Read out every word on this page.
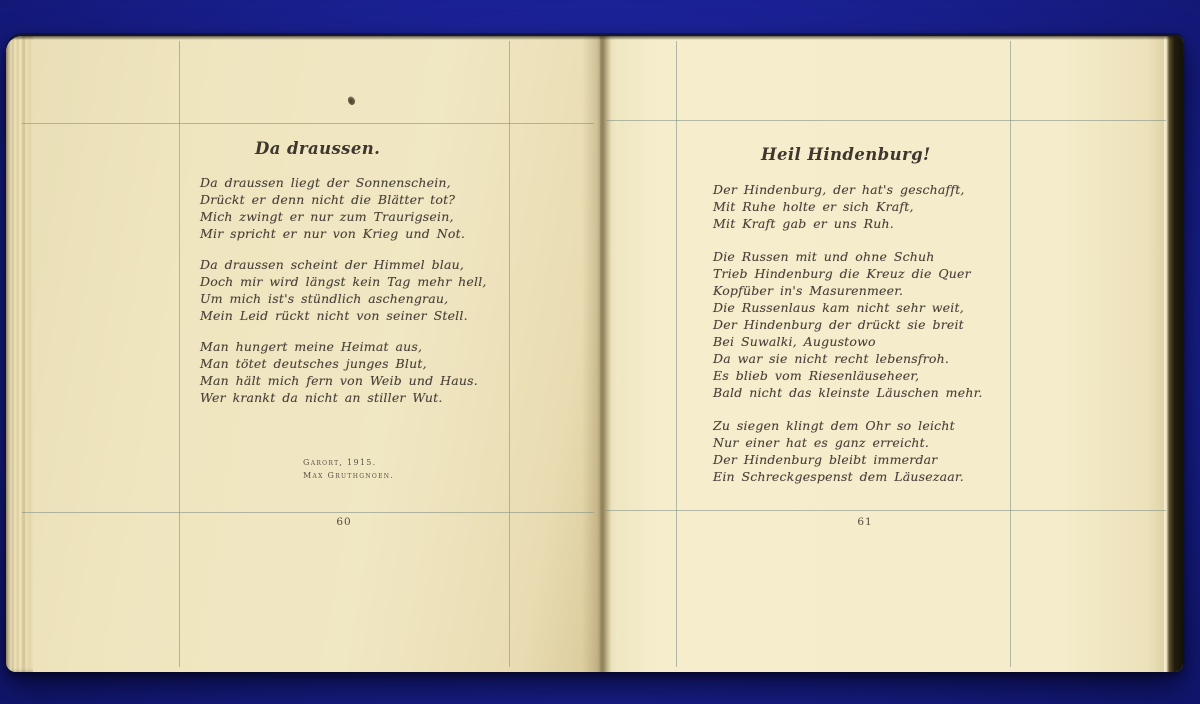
Da draussen.
Da draussen liegt der Sonnenschein,
Drückt er denn nicht die Blätter tot?
Mich zwingt er nur zum Traurigsein,
Mir spricht er nur von Krieg und Not.
Da draussen scheint der Himmel blau,
Doch mir wird längst kein Tag mehr hell,
Um mich ist's stündlich aschengrau,
Mein Leid rückt nicht von seiner Stell.
Man hungert meine Heimat aus,
Man tötet deutsches junges Blut,
Man hält mich fern von Weib und Haus.
Wer krankt da nicht an stiller Wut.
Garort, 1915.
Max Gruthgnoen.
60
Heil Hindenburg!
Der Hindenburg, der hat's geschafft,
Mit Ruhe holte er sich Kraft,
Mit Kraft gab er uns Ruh.
Die Russen mit und ohne Schuh
Trieb Hindenburg die Kreuz die Quer
Kopfüber in's Masurenmeer.
Die Russenlaus kam nicht sehr weit,
Der Hindenburg der drückt sie breit
Bei Suwalki, Augustowo
Da war sie nicht recht lebensfroh.
Es blieb vom Riesenläuseheer,
Bald nicht das kleinste Läuschen mehr.
Zu siegen klingt dem Ohr so leicht
Nur einer hat es ganz erreicht.
Der Hindenburg bleibt immerdar
Ein Schreckgespenst dem Läusezaar.
61
